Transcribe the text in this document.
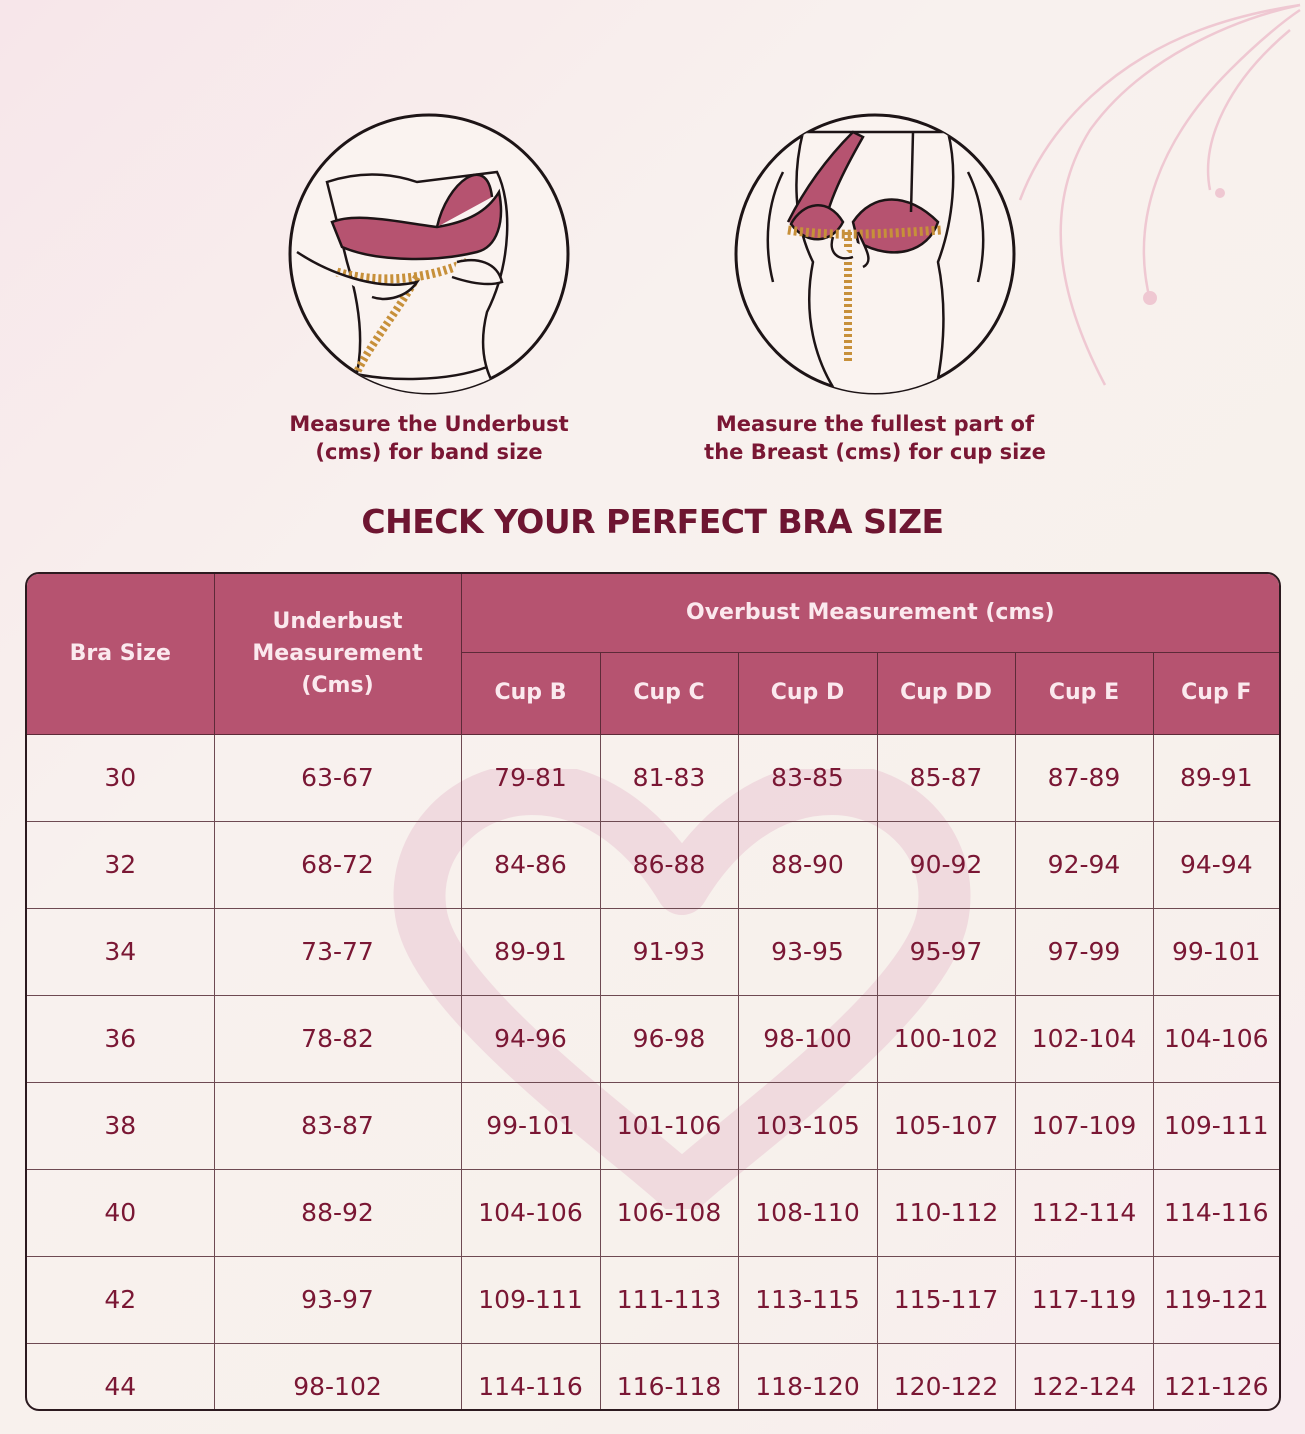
Measure the Underbust
(cms) for band size
Measure the fullest part of
the Breast (cms) for cup size
CHECK YOUR PERFECT BRA SIZE
Bra Size	Underbust
Measurement
(Cms)	Overbust Measurement (cms)					
		Cup B	Cup C	Cup D	Cup DD	Cup E	Cup F
30	63-67	79-81	81-83	83-85	85-87	87-89	89-91
32	68-72	84-86	86-88	88-90	90-92	92-94	94-94
34	73-77	89-91	91-93	93-95	95-97	97-99	99-101
36	78-82	94-96	96-98	98-100	100-102	102-104	104-106
38	83-87	99-101	101-106	103-105	105-107	107-109	109-111
40	88-92	104-106	106-108	108-110	110-112	112-114	114-116
42	93-97	109-111	111-113	113-115	115-117	117-119	119-121
44	98-102	114-116	116-118	118-120	120-122	122-124	121-126
